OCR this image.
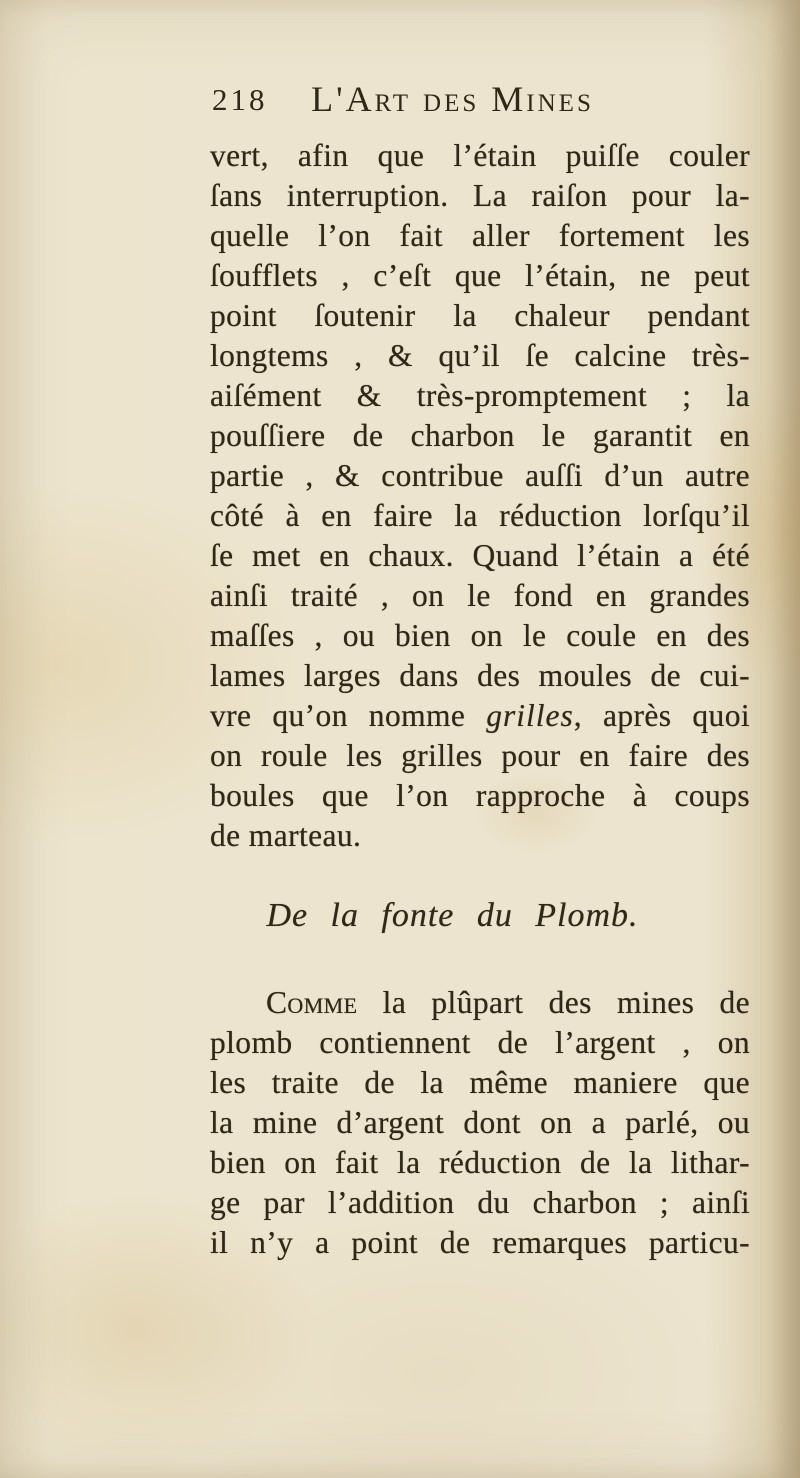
218	L'Art des Mines
vert, afin que l’étain puiſſe couler
ſans interruption. La raiſon pour la-
quelle l’on fait aller fortement les
ſoufflets , c’eſt que l’étain, ne peut
point ſoutenir la chaleur pendant
longtems , & qu’il ſe calcine très-
aiſément & très-promptement ; la
pouſſiere de charbon le garantit en
partie , & contribue auſſi d’un autre
côté à en faire la réduction lorſqu’il
ſe met en chaux. Quand l’étain a été
ainſi traité , on le fond en grandes
maſſes , ou bien on le coule en des
lames larges dans des moules de cui-
vre qu’on nomme grilles, après quoi
on roule les grilles pour en faire des
boules que l’on rapproche à coups
de marteau.
De la fonte du Plomb.
Comme la plûpart des mines de
plomb contiennent de l’argent , on
les traite de la même maniere que
la mine d’argent dont on a parlé, ou
bien on fait la réduction de la lithar-
ge par l’addition du charbon ; ainſi
il n’y a point de remarques particu-
